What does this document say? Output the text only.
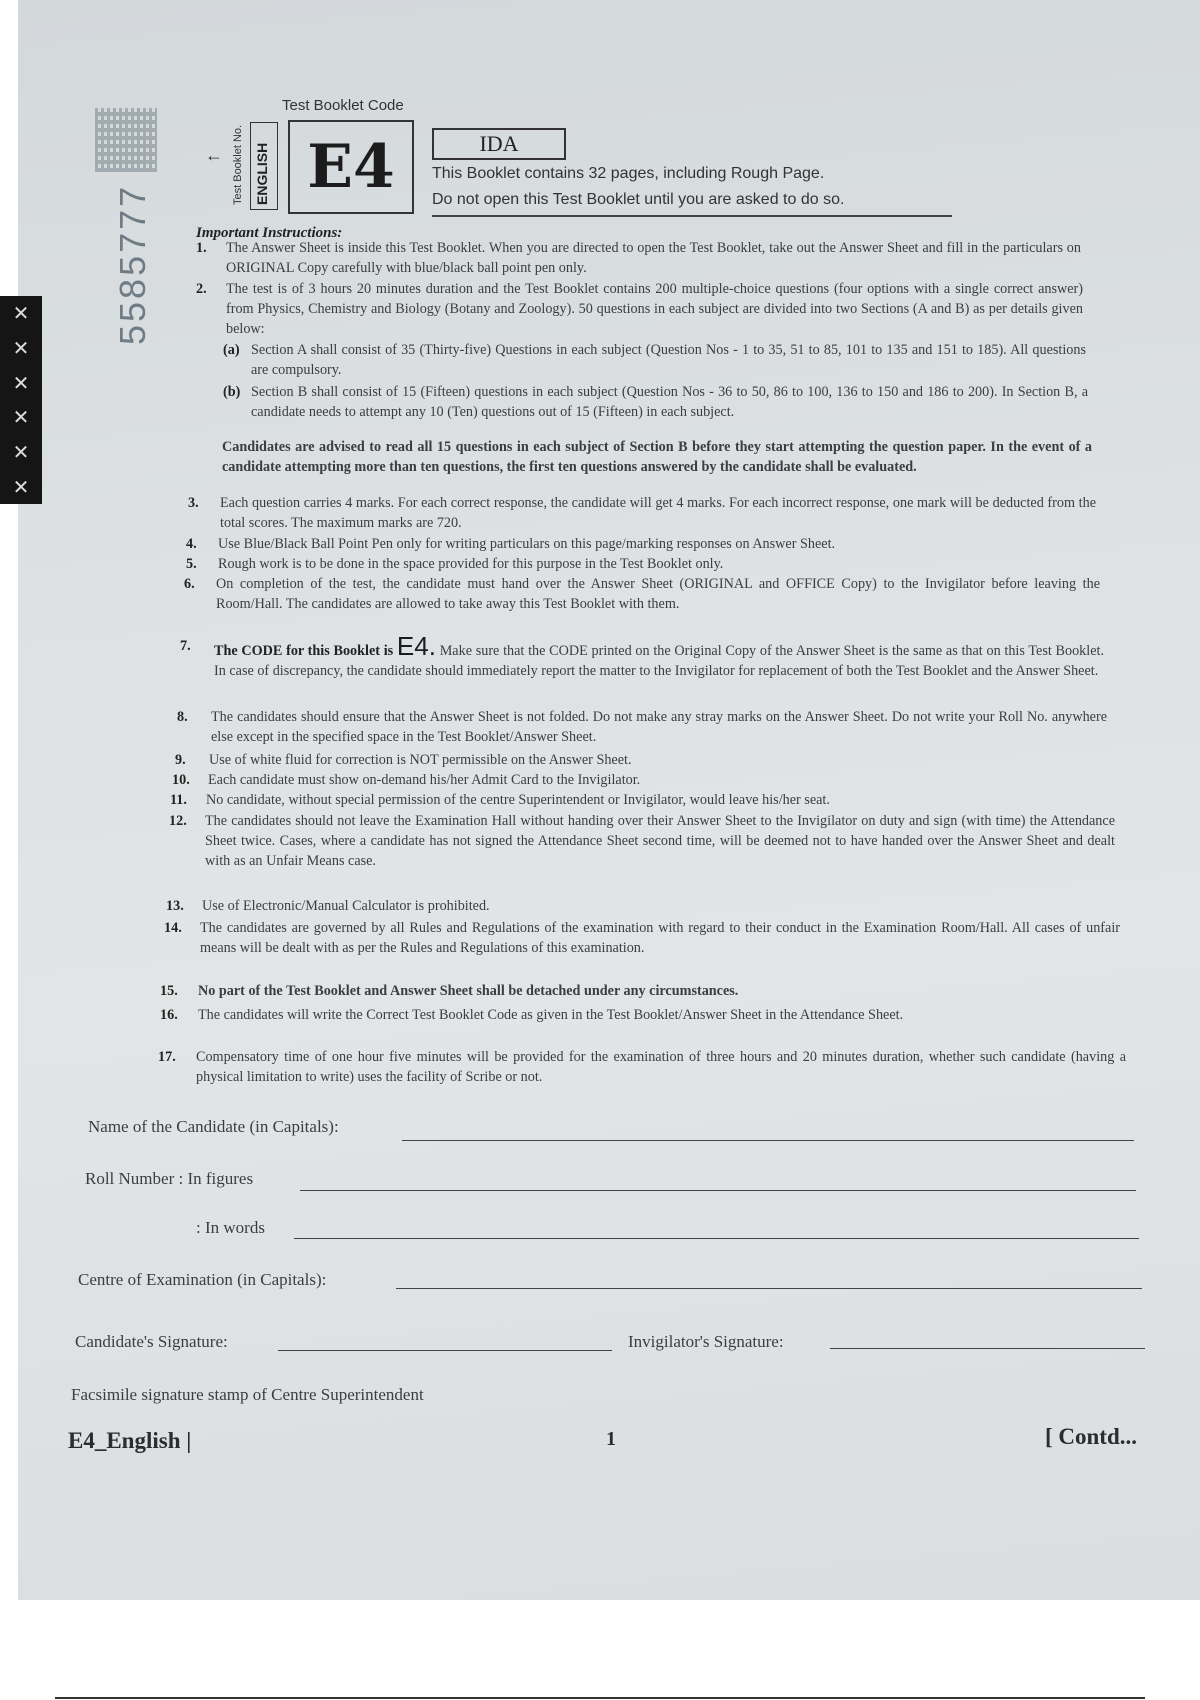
5585777
✕
✕
✕
✕
✕
✕
Test Booklet Code
Test Booklet No.
← ENGLISH E4	IDA
This Booklet contains 32 pages, including Rough Page.
Do not open this Test Booklet until you are asked to do so.
Important Instructions:
1. The Answer Sheet is inside this Test Booklet. When you are directed to open the Test Booklet, take out the Answer Sheet and fill in the particulars on ORIGINAL Copy carefully with blue/black ball point pen only.

2. The test is of 3 hours 20 minutes duration and the Test Booklet contains 200 multiple-choice questions (four options with a single correct answer) from Physics, Chemistry and Biology (Botany and Zoology). 50 questions in each subject are divided into two Sections (A and B) as per details given below:

(a) Section A shall consist of 35 (Thirty-five) Questions in each subject (Question Nos - 1 to 35, 51 to 85, 101 to 135 and 151 to 185). All questions are compulsory.

(b) Section B shall consist of 15 (Fifteen) questions in each subject (Question Nos - 36 to 50, 86 to 100, 136 to 150 and 186 to 200). In Section B, a candidate needs to attempt any 10 (Ten) questions out of 15 (Fifteen) in each subject.

Candidates are advised to read all 15 questions in each subject of Section B before they start attempting the question paper. In the event of a candidate attempting more than ten questions, the first ten questions answered by the candidate shall be evaluated.

3. Each question carries 4 marks. For each correct response, the candidate will get 4 marks. For each incorrect response, one mark will be deducted from the total scores. The maximum marks are 720.

4. Use Blue/Black Ball Point Pen only for writing particulars on this page/marking responses on Answer Sheet.

5. Rough work is to be done in the space provided for this purpose in the Test Booklet only.

6. On completion of the test, the candidate must hand over the Answer Sheet (ORIGINAL and OFFICE Copy) to the Invigilator before leaving the Room/Hall. The candidates are allowed to take away this Test Booklet with them.

7. The CODE for this Booklet is E4. Make sure that the CODE printed on the Original Copy of the Answer Sheet is the same as that on this Test Booklet. In case of discrepancy, the candidate should immediately report the matter to the Invigilator for replacement of both the Test Booklet and the Answer Sheet.

8. The candidates should ensure that the Answer Sheet is not folded. Do not make any stray marks on the Answer Sheet. Do not write your Roll No. anywhere else except in the specified space in the Test Booklet/Answer Sheet.

9. Use of white fluid for correction is NOT permissible on the Answer Sheet.

10. Each candidate must show on-demand his/her Admit Card to the Invigilator.

11. No candidate, without special permission of the centre Superintendent or Invigilator, would leave his/her seat.

12. The candidates should not leave the Examination Hall without handing over their Answer Sheet to the Invigilator on duty and sign (with time) the Attendance Sheet twice. Cases, where a candidate has not signed the Attendance Sheet second time, will be deemed not to have handed over the Answer Sheet and dealt with as an Unfair Means case.

13. Use of Electronic/Manual Calculator is prohibited.

14. The candidates are governed by all Rules and Regulations of the examination with regard to their conduct in the Examination Room/Hall. All cases of unfair means will be dealt with as per the Rules and Regulations of this examination.

15. No part of the Test Booklet and Answer Sheet shall be detached under any circumstances.

16. The candidates will write the Correct Test Booklet Code as given in the Test Booklet/Answer Sheet in the Attendance Sheet.

17. Compensatory time of one hour five minutes will be provided for the examination of three hours and 20 minutes duration, whether such candidate (having a physical limitation to write) uses the facility of Scribe or not.

Name of the Candidate (in Capitals):
Roll Number : In figures
: In words
Centre of Examination (in Capitals):
Candidate's Signature:	Invigilator's Signature:
Facsimile signature stamp of Centre Superintendent
E4_English |	1	[ Contd...
